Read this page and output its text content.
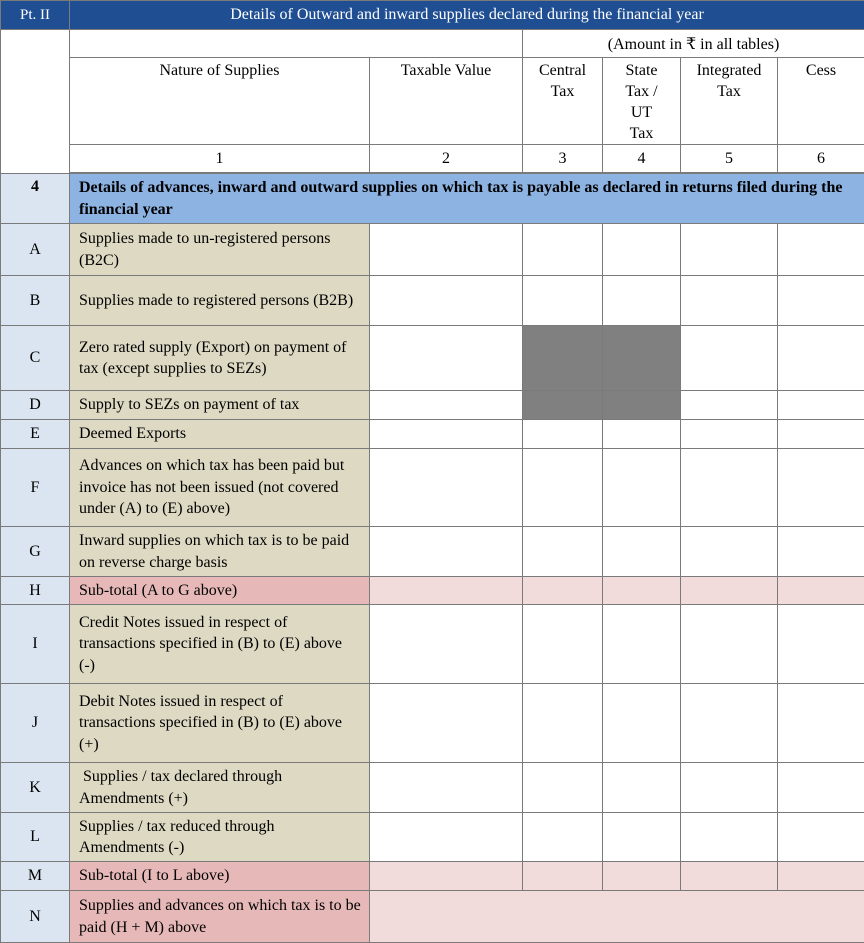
Pt. II	Details of Outward and inward supplies declared during the financial year					
			(Amount in ₹ in all tables)			
	Nature of Supplies	Taxable Value	Central Tax	State Tax / UT Tax	Integrated Tax	Cess
	1	2	3	4	5	6

4	Details of advances, inward and outward supplies on which tax is payable as declared in returns filed during the financial year					
A	Supplies made to un-registered persons (B2C)					
B	Supplies made to registered persons (B2B)					
C	Zero rated supply (Export) on payment of tax (except supplies to SEZs)					
D	Supply to SEZs on payment of tax					
E	Deemed Exports					
F	Advances on which tax has been paid but invoice has not been issued (not covered under (A) to (E) above)					
G	Inward supplies on which tax is to be paid on reverse charge basis					
H	Sub-total (A to G above)					
I	Credit Notes issued in respect of transactions specified in (B) to (E) above (-)					
J	Debit Notes issued in respect of transactions specified in (B) to (E) above (+)					
K	Supplies / tax declared through Amendments (+)					
L	Supplies / tax reduced through Amendments (-)					
M	Sub-total (I to L above)					
N	Supplies and advances on which tax is to be paid (H + M) above					
